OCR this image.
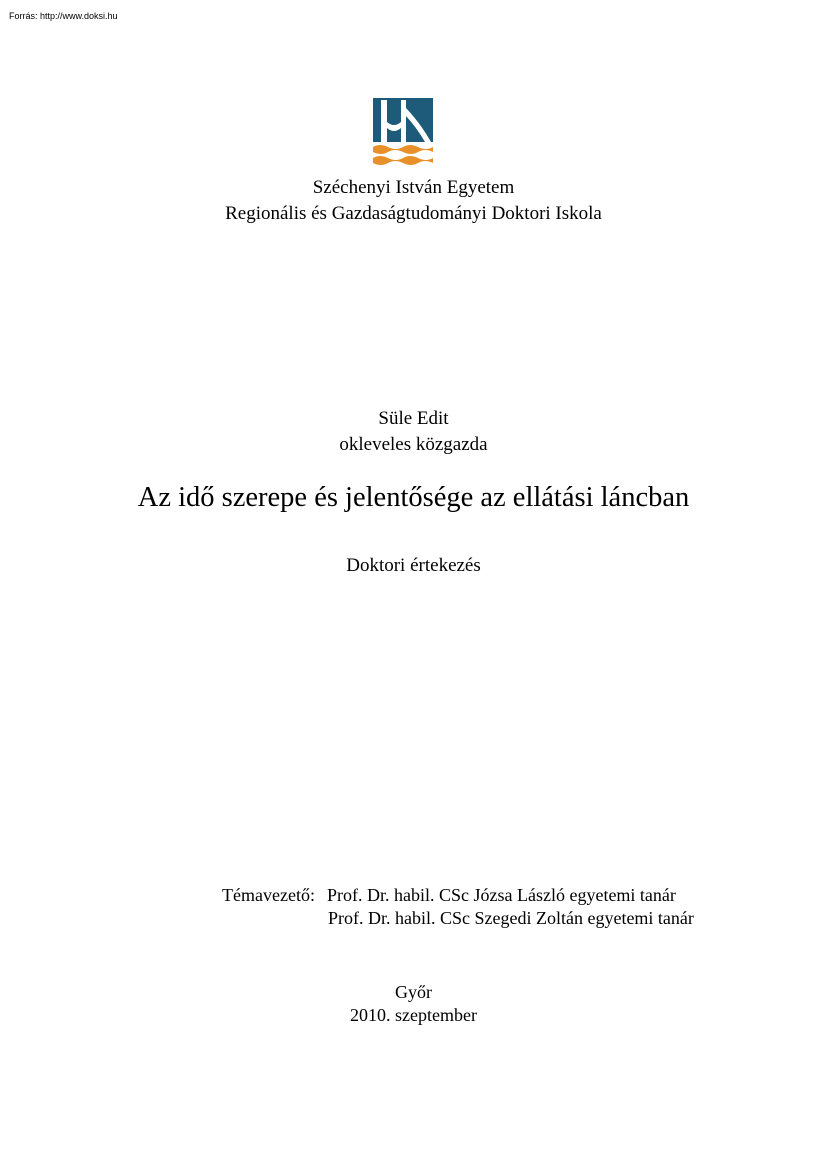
Forrás: http://www.doksi.hu
Széchenyi István Egyetem
Regionális és Gazdaságtudományi Doktori Iskola
Süle Edit
okleveles közgazda
Az idő szerepe és jelentősége az ellátási láncban
Doktori értekezés
Témavezető: Prof. Dr. habil. CSc Józsa László egyetemi tanár
Prof. Dr. habil. CSc Szegedi Zoltán egyetemi tanár
Győr
2010. szeptember
